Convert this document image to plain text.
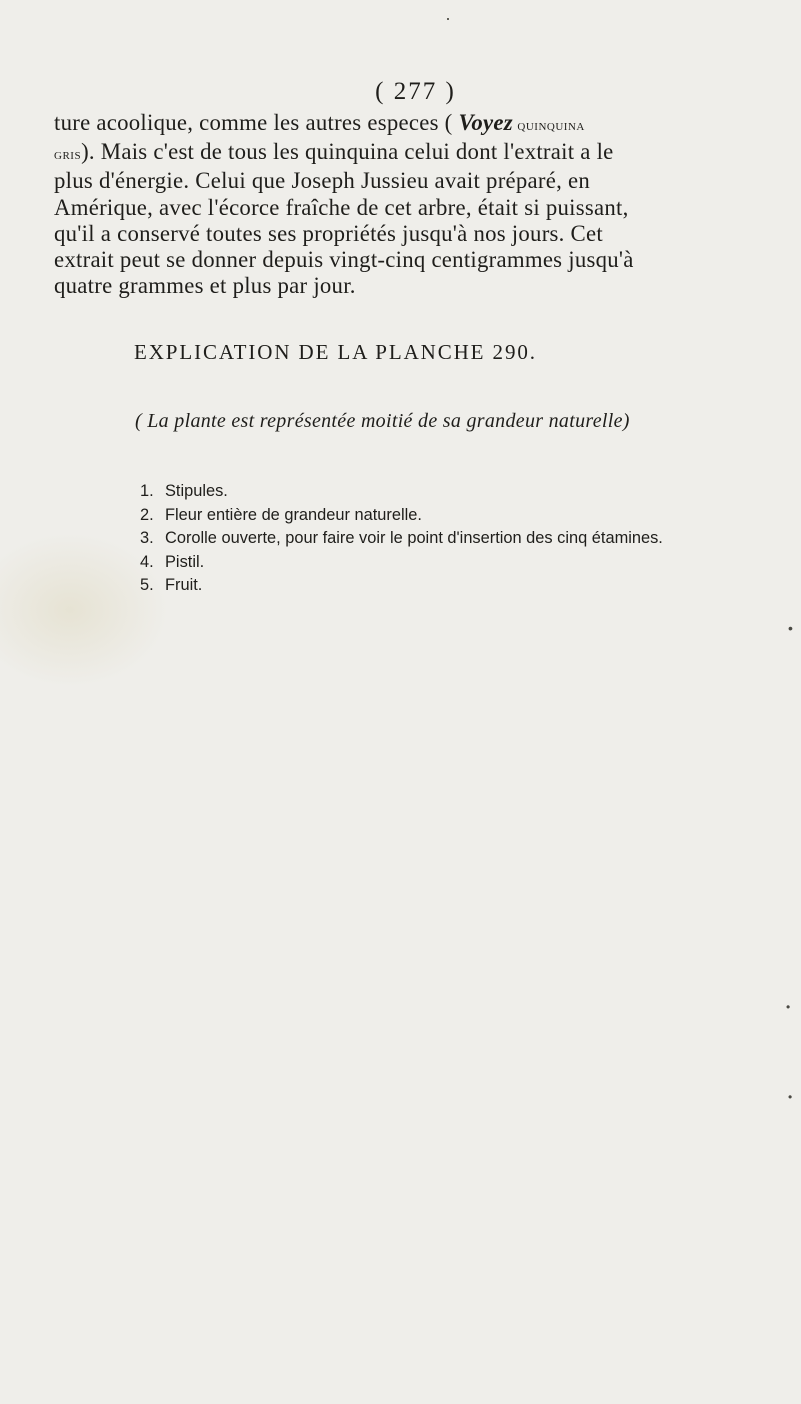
( 277 )
ture acoolique, comme les autres especes ( Voyez quinquina
gris). Mais c'est de tous les quinquina celui dont l'extrait a le
plus d'énergie. Celui que Joseph Jussieu avait préparé, en
Amérique, avec l'écorce fraîche de cet arbre, était si puissant,
qu'il a conservé toutes ses propriétés jusqu'à nos jours. Cet
extrait peut se donner depuis vingt-cinq centigrammes jusqu'à
quatre grammes et plus par jour.
EXPLICATION DE LA PLANCHE 290.
( La plante est représentée moitié de sa grandeur naturelle)
1. Stipules.
2. Fleur entière de grandeur naturelle.
3. Corolle ouverte, pour faire voir le point d'insertion des cinq étamines.
4. Pistil.
5. Fruit.
·
•
•
•
